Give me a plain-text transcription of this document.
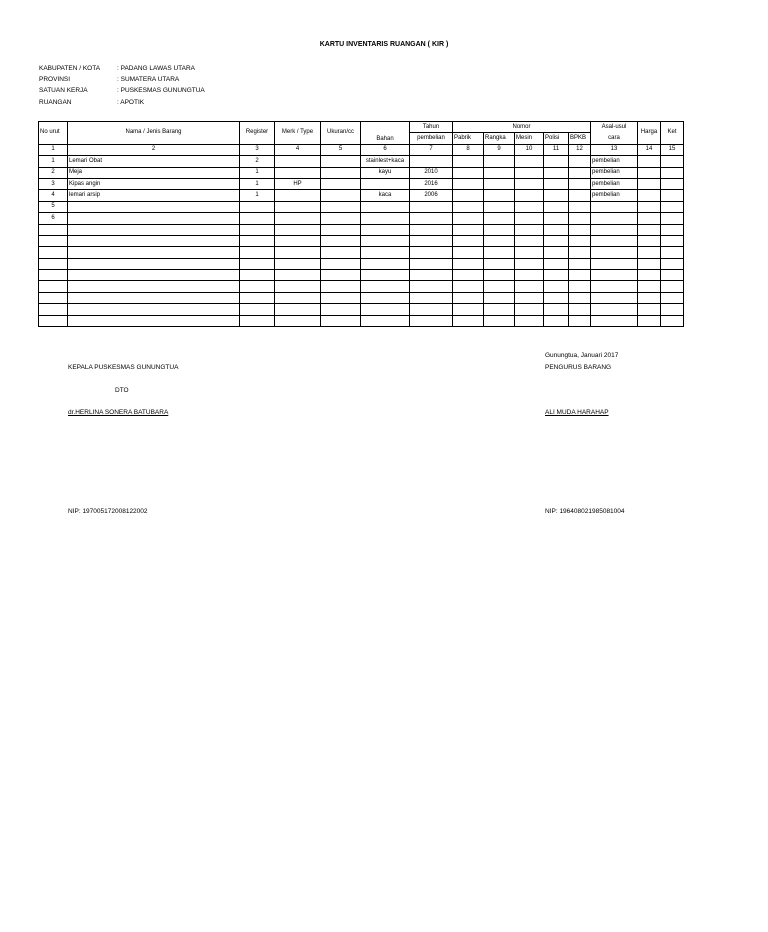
KARTU INVENTARIS RUANGAN ( KIR )
KABUPATEN / KOTA	: PADANG LAWAS UTARA
PROVINSI	: SUMATERA UTARA
SATUAN KERJA	: PUSKESMAS GUNUNGTUA
RUANGAN	: APOTIK
No urut	Nama / Jenis Barang	Register	Merk / Type	Ukuran/cc	Bahan	Tahun	Nomor					Asal-usul	Harga	Ket
						pembelian	Pabrik	Rangka	Mesin	Polisi	BPKB	cara		
1	2	3	4	5	6	7	8	9	10	11	12	13	14	15
1	Lemari Obat	2			stainlest+kaca							pembelian		
2	Meja	1			kayu	2010						pembelian		
3	Kipas angin	1	HP			2016						pembelian		
4	lemari arsip	1			kaca	2006						pembelian		
5														
6														

Gunungtua, Januari 2017
KEPALA PUSKESMAS GUNUNGTUA	PENGURUS BARANG
DTO
dr.HERLINA SONERA BATUBARA	ALI MUDA HARAHAP
NIP: 197005172008122002	NIP: 196408021985081004
